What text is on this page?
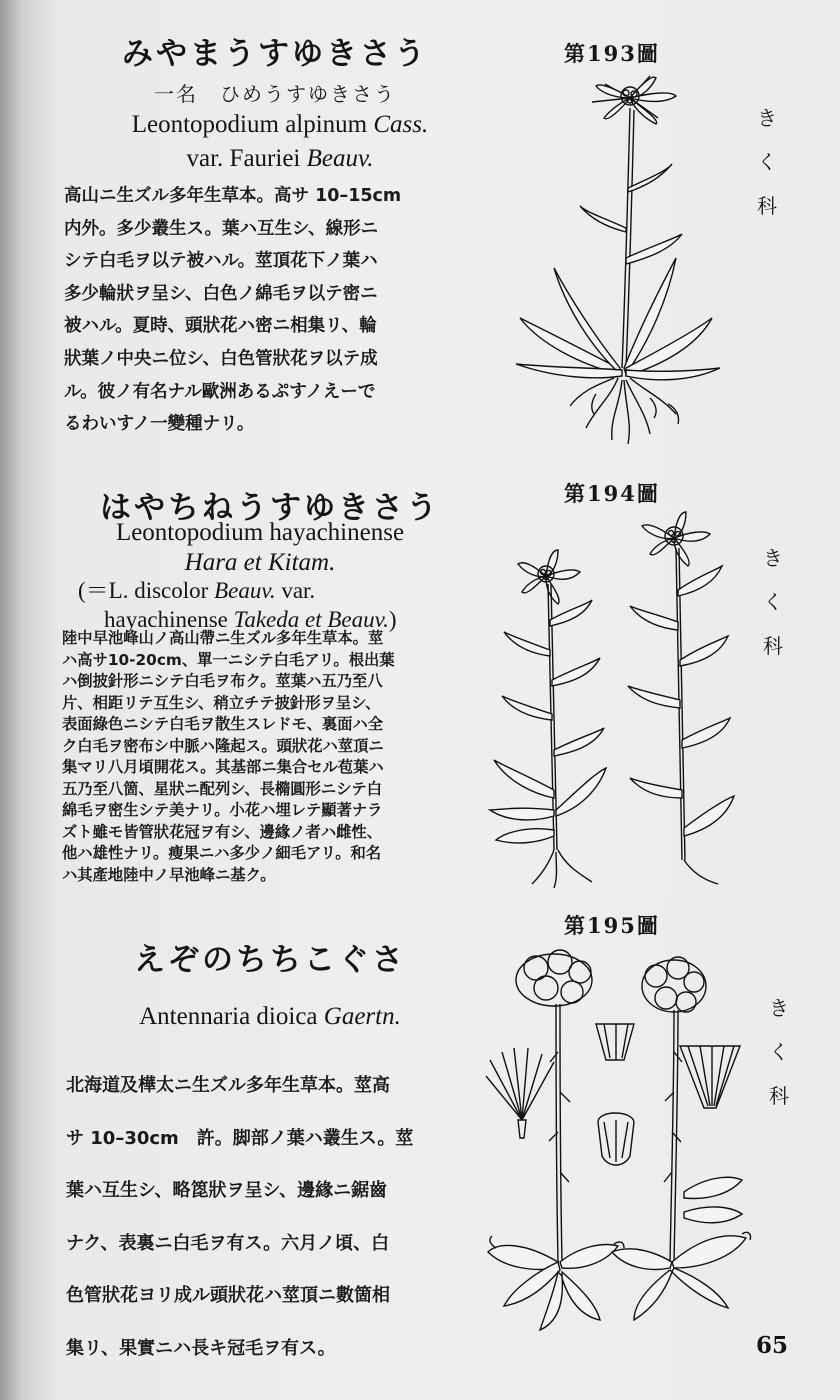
みやまうすゆきさう
一名　ひめうすゆきさう
Leontopodium alpinum Cass.
var. Fauriei Beauv.
高山ニ生ズル多年生草本。高サ 10–15cm
内外。多少叢生ス。葉ハ互生シ、線形ニ
シテ白毛ヲ以テ被ハル。莖頂花下ノ葉ハ
多少輪狀ヲ呈シ、白色ノ綿毛ヲ以テ密ニ
被ハル。夏時、頭狀花ハ密ニ相集リ、輪
狀葉ノ中央ニ位シ、白色管狀花ヲ以テ成
ル。彼ノ有名ナル歐洲あるぷすノえーで
るわいすノ一變種ナリ。
第193圖
き
く
科
はやちねうすゆきさう
Leontopodium hayachinense
Hara et Kitam.
(＝L. discolor Beauv. var.
hayachinense Takeda et Beauv.)
陸中早池峰山ノ高山帶ニ生ズル多年生草本。莖
ハ高サ10-20cm、單一ニシテ白毛アリ。根出葉
ハ倒披針形ニシテ白毛ヲ布ク。莖葉ハ五乃至八
片、相距リテ互生シ、稍立チテ披針形ヲ呈シ、
表面綠色ニシテ白毛ヲ散生スレドモ、裏面ハ全
ク白毛ヲ密布シ中脈ハ隆起ス。頭狀花ハ莖頂ニ
集マリ八月頃開花ス。其基部ニ集合セル苞葉ハ
五乃至八箇、星狀ニ配列シ、長橢圓形ニシテ白
綿毛ヲ密生シテ美ナリ。小花ハ埋レテ顯著ナラ
ズト雖モ皆管狀花冠ヲ有シ、邊緣ノ者ハ雌性、
他ハ雄性ナリ。瘦果ニハ多少ノ細毛アリ。和名
ハ其產地陸中ノ早池峰ニ基ク。
第194圖
き
く
科
えぞのちちこぐさ
Antennaria dioica Gaertn.
北海道及樺太ニ生ズル多年生草本。莖高
サ 10–30cm　許。脚部ノ葉ハ叢生ス。莖
葉ハ互生シ、略箆狀ヲ呈シ、邊緣ニ鋸齒
ナク、表裏ニ白毛ヲ有ス。六月ノ頃、白
色管狀花ヨリ成ル頭狀花ハ莖頂ニ數箇相
集リ、果實ニハ長キ冠毛ヲ有ス。
第195圖
き
く
科
65
